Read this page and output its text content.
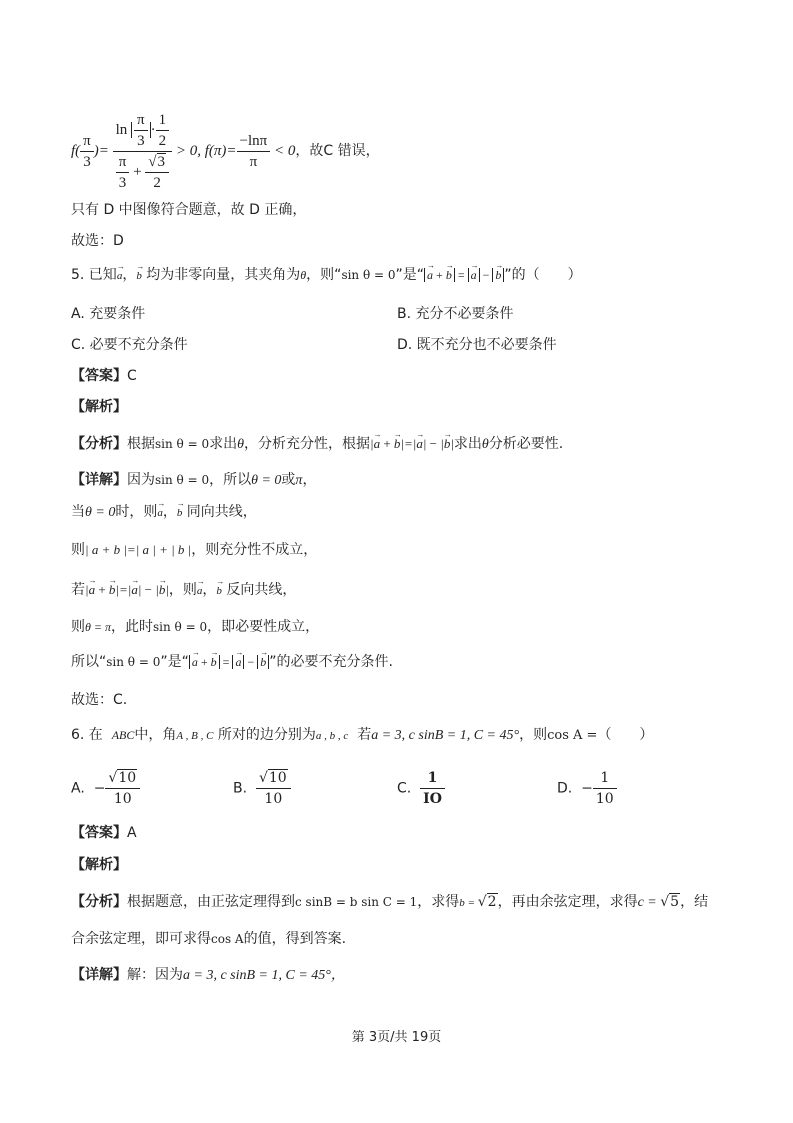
$f( \frac{\pi}{3}$ )= $\frac{\ln \frac{\pi}{3} \cdot \frac{1}{2}}{\frac{\pi}{3} + \frac{√3}{2}} > 0$, $f(\pi)= \frac{-\ln\pi}{\pi} < 0$，故C 错误，
只有 D 中图像符合题意，故 D 正确，
故选：D
5. 已知→ a，→ b 均为非零向量，其夹角为θ，则“sin θ = 0”是“ → a + → b = → a − → b ”的（　　）
A. 充要条件	B. 充分不必要条件
C. 必要不充分条件	D. 既不充分也不必要条件
【答案】C
【解析】
【分析】根据sin θ = 0求出θ，分析充分性，根据|→ a + → b|=|→ a| − |→ b|求出θ分析必要性.
【详解】因为sin θ = 0，所以θ = 0或π，
当θ = 0时，则→ a，→ b 同向共线，
则| a + b |=| a | + | b |，则充分性不成立，
若|→ a + → b|=|→ a| − |→ b|，则→ a，→ b 反向共线，
则θ = π，此时sin θ = 0，即必要性成立，
所以“sin θ = 0”是“ → a + → b = → a − → b ”的必要不充分条件.
故选：C.
6. 在 ABC中，角A , B , C 所对的边分别为a , b , c 若a = 3, c sinB = 1, C = 45°，则cos A =（　　）
A. − $\frac{√10}{10}$	B. $\frac{√10}{10}$	C. $\frac{1}{IO}$	D. − $\frac{1}{10}$
【答案】A
【解析】
【分析】根据题意，由正弦定理得到c sinB = b sin C = 1，求得b = √2，再由余弦定理，求得c = √5，结
合余弦定理，即可求得cos A的值，得到答案.
【详解】解：因为a = 3, c sinB = 1, C = 45°，
第 3页/共 19页
